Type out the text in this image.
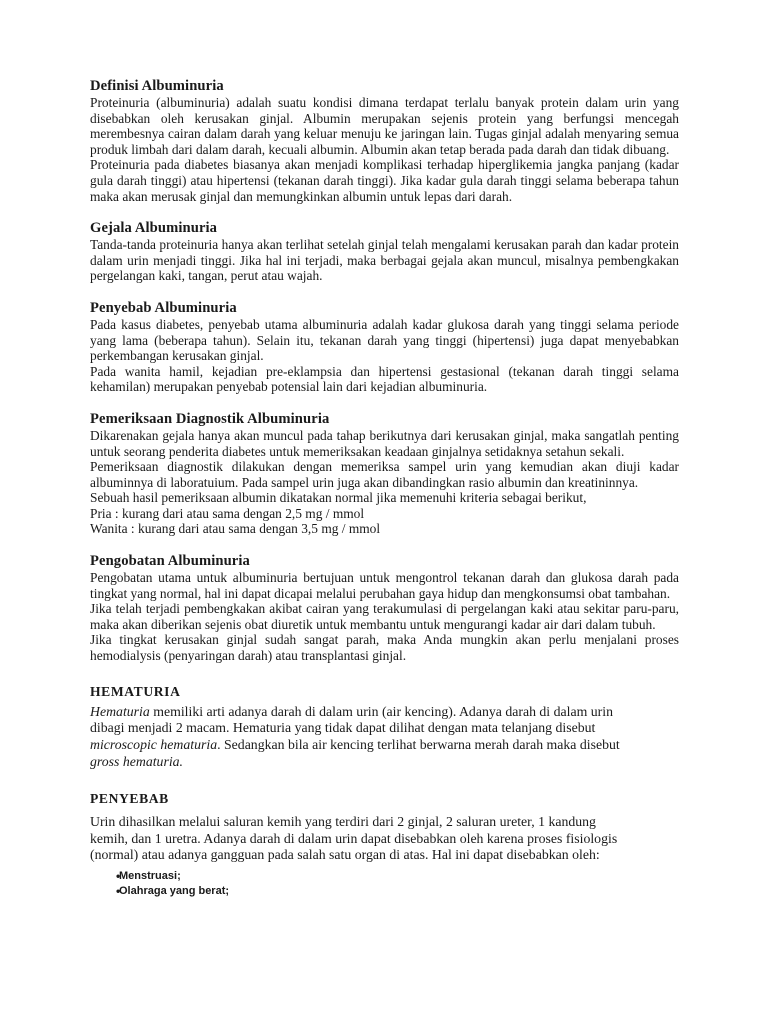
Definisi Albuminuria

Proteinuria (albuminuria) adalah suatu kondisi dimana terdapat terlalu banyak protein dalam urin yang disebabkan oleh kerusakan ginjal. Albumin merupakan sejenis protein yang berfungsi mencegah merembesnya cairan dalam darah yang keluar menuju ke jaringan lain. Tugas ginjal adalah menyaring semua produk limbah dari dalam darah, kecuali albumin. Albumin akan tetap berada pada darah dan tidak dibuang.

Proteinuria pada diabetes biasanya akan menjadi komplikasi terhadap hiperglikemia jangka panjang (kadar gula darah tinggi) atau hipertensi (tekanan darah tinggi). Jika kadar gula darah tinggi selama beberapa tahun maka akan merusak ginjal dan memungkinkan albumin untuk lepas dari darah.

Gejala Albuminuria

Tanda-tanda proteinuria hanya akan terlihat setelah ginjal telah mengalami kerusakan parah dan kadar protein dalam urin menjadi tinggi. Jika hal ini terjadi, maka berbagai gejala akan muncul, misalnya pembengkakan pergelangan kaki, tangan, perut atau wajah.

Penyebab Albuminuria

Pada kasus diabetes, penyebab utama albuminuria adalah kadar glukosa darah yang tinggi selama periode yang lama (beberapa tahun). Selain itu, tekanan darah yang tinggi (hipertensi) juga dapat menyebabkan perkembangan kerusakan ginjal.

Pada wanita hamil, kejadian pre-eklampsia dan hipertensi gestasional (tekanan darah tinggi selama kehamilan) merupakan penyebab potensial lain dari kejadian albuminuria.

Pemeriksaan Diagnostik Albuminuria

Dikarenakan gejala hanya akan muncul pada tahap berikutnya dari kerusakan ginjal, maka sangatlah penting untuk seorang penderita diabetes untuk memeriksakan keadaan ginjalnya setidaknya setahun sekali.

Pemeriksaan diagnostik dilakukan dengan memeriksa sampel urin yang kemudian akan diuji kadar albuminnya di laboratuium. Pada sampel urin juga akan dibandingkan rasio albumin dan kreatininnya.

Sebuah hasil pemeriksaan albumin dikatakan normal jika memenuhi kriteria sebagai berikut,

Pria : kurang dari atau sama dengan 2,5 mg / mmol

Wanita : kurang dari atau sama dengan 3,5 mg / mmol

Pengobatan Albuminuria

Pengobatan utama untuk albuminuria bertujuan untuk mengontrol tekanan darah dan glukosa darah pada tingkat yang normal, hal ini dapat dicapai melalui perubahan gaya hidup dan mengkonsumsi obat tambahan.

Jika telah terjadi pembengkakan akibat cairan yang terakumulasi di pergelangan kaki atau sekitar paru-paru, maka akan diberikan sejenis obat diuretik untuk membantu untuk mengurangi kadar air dari dalam tubuh.

Jika tingkat kerusakan ginjal sudah sangat parah, maka Anda mungkin akan perlu menjalani proses hemodialysis (penyaringan darah) atau transplantasi ginjal.

HEMATURIA
Hematuria memiliki arti adanya darah di dalam urin (air kencing). Adanya darah di dalam urin
dibagi menjadi 2 macam. Hematuria yang tidak dapat dilihat dengan mata telanjang disebut
microscopic hematuria. Sedangkan bila air kencing terlihat berwarna merah darah maka disebut
gross hematuria.
PENYEBAB
Urin dihasilkan melalui saluran kemih yang terdiri dari 2 ginjal, 2 saluran ureter, 1 kandung
kemih, dan 1 uretra. Adanya darah di dalam urin dapat disebabkan oleh karena proses fisiologis
(normal) atau adanya gangguan pada salah satu organ di atas. Hal ini dapat disebabkan oleh:
Menstruasi;
Olahraga yang berat;
